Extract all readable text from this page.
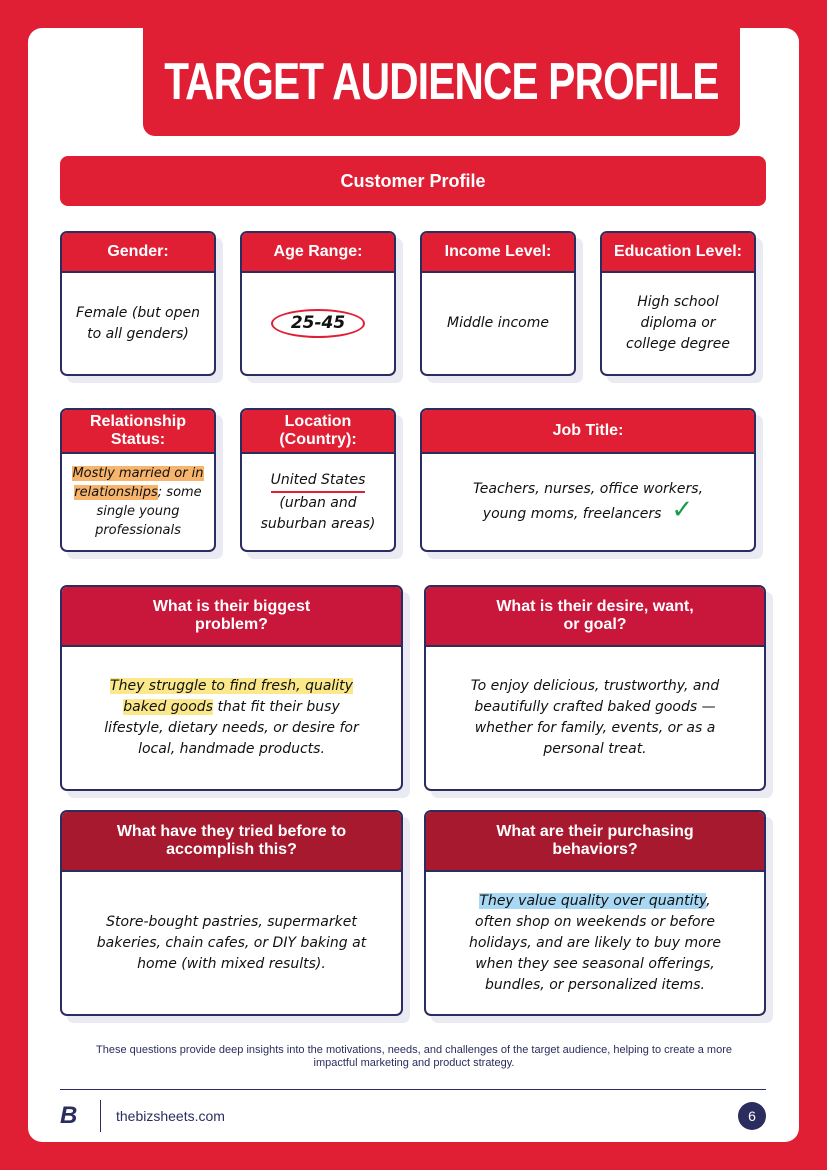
TARGET AUDIENCE PROFILE
Customer Profile
Gender:
Female (but open to all genders)
Age Range:
25-45
Income Level:
Middle income
Education Level:
High school diploma or college degree
Relationship Status:
Mostly married or in relationships; some single young professionals
Location (Country):
United States
(urban and suburban areas)
Job Title:
Teachers, nurses, office workers, young moms, freelancers ✓
What is their biggest problem?
They struggle to find fresh, quality baked goods that fit their busy lifestyle, dietary needs, or desire for local, handmade products.
What is their desire, want, or goal?
To enjoy delicious, trustworthy, and beautifully crafted baked goods — whether for family, events, or as a personal treat.
What have they tried before to accomplish this?
Store-bought pastries, supermarket bakeries, chain cafes, or DIY baking at home (with mixed results).
What are their purchasing behaviors?
They value quality over quantity, often shop on weekends or before holidays, and are likely to buy more when they see seasonal offerings, bundles, or personalized items.
These questions provide deep insights into the motivations, needs, and challenges of the target audience, helping to create a more impactful marketing and product strategy.
B	thebizsheets.com	6
